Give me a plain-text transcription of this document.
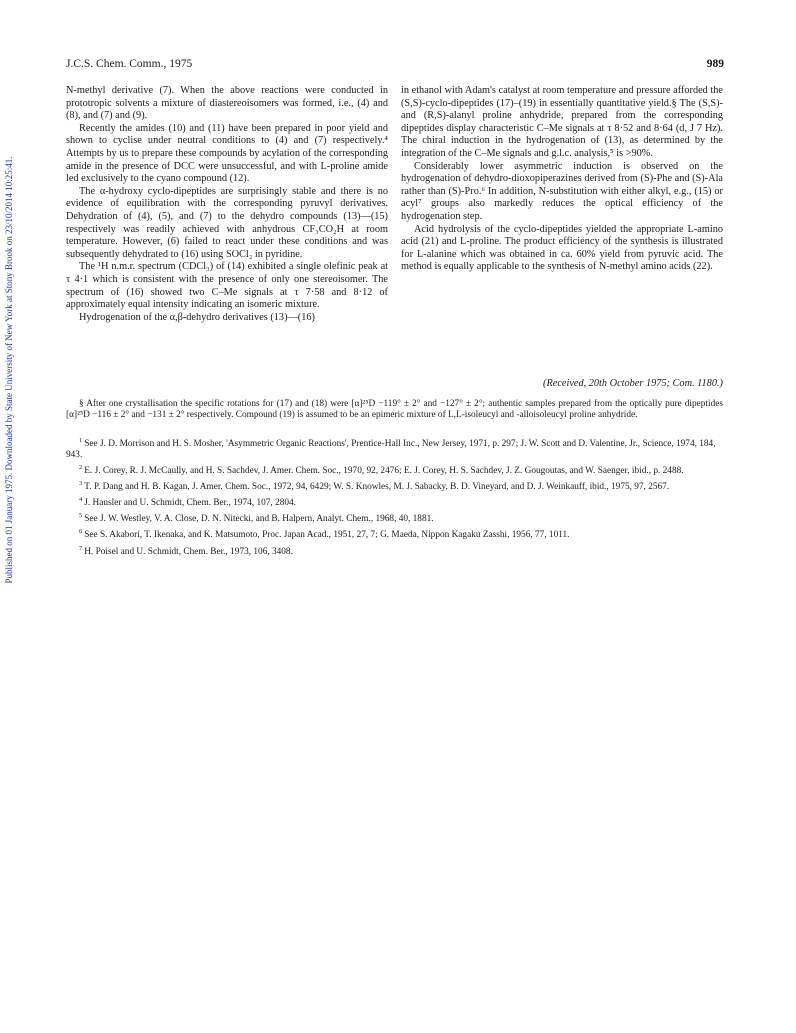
Published on 01 January 1975. Downloaded by State University of New York at Stony Brook on 23/10/2014 10:25:41.
J.C.S. Chem. Comm., 1975	989

N-methyl derivative (7). When the above reactions were conducted in prototropic solvents a mixture of diastereoisomers was formed, i.e., (4) and (8), and (7) and (9).

Recently the amides (10) and (11) have been prepared in poor yield and shown to cyclise under neutral conditions to (4) and (7) respectively.⁴ Attempts by us to prepare these compounds by acylation of the corresponding amide in the presence of DCC were unsuccessful, and with L-proline amide led exclusively to the cyano compound (12).

The α-hydroxy cyclo-dipeptides are surprisingly stable and there is no evidence of equilibration with the corresponding pyruvyl derivatives. Dehydration of (4), (5), and (7) to the dehydro compounds (13)—(15) respectively was readily achieved with anhydrous CF₃CO₂H at room temperature. However, (6) failed to react under these conditions and was subsequently dehydrated to (16) using SOCl₂ in pyridine.

The ¹H n.m.r. spectrum (CDCl₃) of (14) exhibited a single olefinic peak at τ 4·1 which is consistent with the presence of only one stereoisomer. The spectrum of (16) showed two C–Me signals at τ 7·58 and 8·12 of approximately equal intensity indicating an isomeric mixture.

Hydrogenation of the α,β-dehydro derivatives (13)—(16)

in ethanol with Adam's catalyst at room temperature and pressure afforded the (S,S)-cyclo-dipeptides (17)–(19) in essentially quantitative yield.§ The (S,S)- and (R,S)-alanyl proline anhydride, prepared from the corresponding dipeptides display characteristic C–Me signals at τ 8·52 and 8·64 (d, J 7 Hz). The chiral induction in the hydrogenation of (13), as determined by the integration of the C–Me signals and g.l.c. analysis,⁵ is >90%.

Considerably lower asymmetric induction is observed on the hydrogenation of dehydro-dioxopiperazines derived from (S)-Phe and (S)-Ala rather than (S)-Pro.⁶ In addition, N-substitution with either alkyl, e.g., (15) or acyl⁷ groups also markedly reduces the optical efficiency of the hydrogenation step.

Acid hydrolysis of the cyclo-dipeptides yielded the appropriate L-amino acid (21) and L-proline. The product efficiency of the synthesis is illustrated for L-alanine which was obtained in ca. 60% yield from pyruvic acid. The method is equally applicable to the synthesis of N-methyl amino acids (22).

(Received, 20th October 1975; Com. 1180.)

§ After one crystallisation the specific rotations for (17) and (18) were [α]²⁵D −119° ± 2° and −127° ± 2°; authentic samples prepared from the optically pure dipeptides [α]²⁵D −116 ± 2° and −131 ± 2° respectively. Compound (19) is assumed to be an epimeric mixture of L,L-isoleucyl and -alloisoleucyl proline anhydride.

$^1$ See J. D. Morrison and H. S. Mosher, 'Asymmetric Organic Reactions', Prentice-Hall Inc., New Jersey, 1971, p. 297; J. W. Scott and D. Valentine, Jr., Science, 1974, 184, 943.

$^2$ E. J. Corey, R. J. McCaully, and H. S. Sachdev, J. Amer. Chem. Soc., 1970, 92, 2476; E. J. Corey, H. S. Sachdev, J. Z. Gougoutas, and W. Saenger, ibid., p. 2488.

$^3$ T. P. Dang and H. B. Kagan, J. Amer. Chem. Soc., 1972, 94, 6429; W. S. Knowles, M. J. Sabacky, B. D. Vineyard, and D. J. Weinkauff, ibid., 1975, 97, 2567.

$^4$ J. Hausler and U. Schmidt, Chem. Ber., 1974, 107, 2804.

$^5$ See J. W. Westley, V. A. Close, D. N. Nitecki, and B. Halpern, Analyt. Chem., 1968, 40, 1881.

$^6$ See S. Akabori, T. Ikenaka, and K. Matsumoto, Proc. Japan Acad., 1951, 27, 7; G. Maeda, Nippon Kagaku Zasshi, 1956, 77, 1011.

$^7$ H. Poisel and U. Schmidt, Chem. Ber., 1973, 106, 3408.
